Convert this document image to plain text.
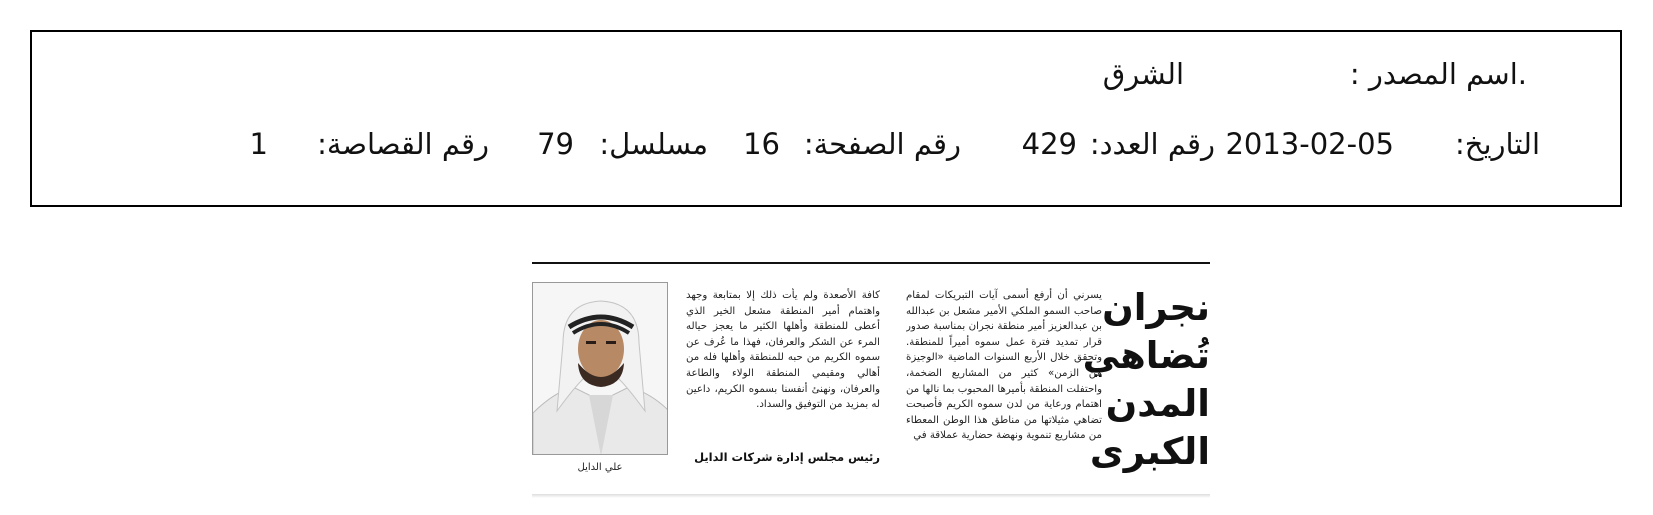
.اسم المصدر :
الشرق
التاريخ:
2013-02-05
رقم العدد:
429
رقم الصفحة:
16
مسلسل:
79
رقم القصاصة:
1
نجران
تُضاهي
المدن
الكبرى
يسرني أن أرفع أسمى آيات التبريكات لمقام صاحب السمو الملكي الأمير مشعل بن عبدالله بن عبدالعزيز أمير منطقة نجران بمناسبة صدور قرار تمديد فترة عمل سموه أميراً للمنطقة. وتحقق خلال الأربع السنوات الماضية «الوجيزة من الزمن» كثير من المشاريع الضخمة، واحتفلت المنطقة بأميرها المحبوب بما نالها من اهتمام ورعاية من لدن سموه الكريم فأصبحت تضاهي مثيلاتها من مناطق هذا الوطن المعطاء من مشاريع تنموية ونهضة حضارية عملاقة في
كافة الأصعدة ولم يأت ذلك إلا بمتابعة وجهد واهتمام أمير المنطقة مشعل الخير الذي أعطى للمنطقة وأهلها الكثير ما يعجز حياله المرء عن الشكر والعرفان، فهذا ما عُرف عن سموه الكريم من حبه للمنطقة وأهلها فله من أهالي ومقيمي المنطقة الولاء والطاعة والعرفان، ونهنئ أنفسنا بسموه الكريم، داعين له بمزيد من التوفيق والسداد.
رئيس مجلس إدارة شركات الدايل
علي الدايل
